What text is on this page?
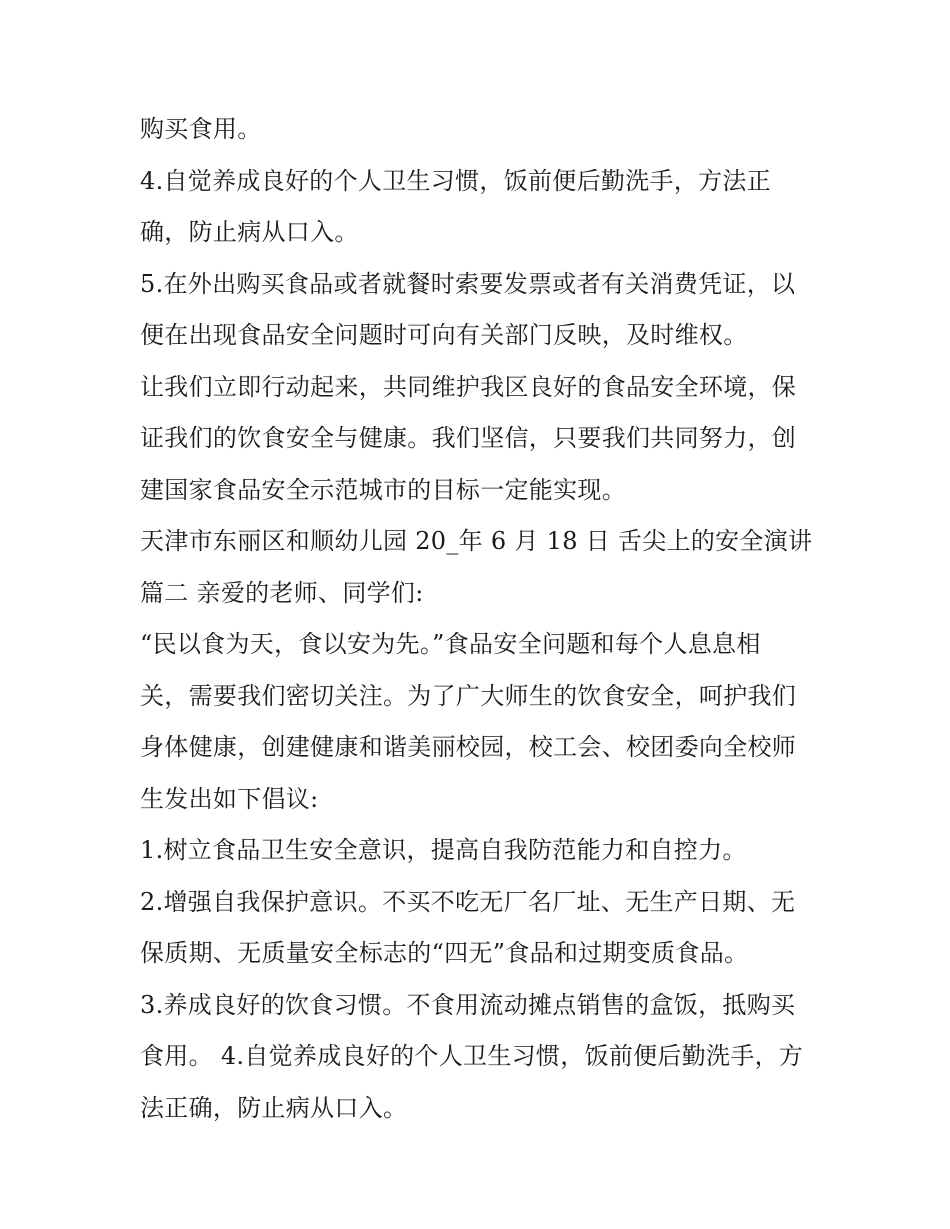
购买食用。
4.自觉养成良好的个人卫生习惯，饭前便后勤洗手，方法正
确，防止病从口入。
5.在外出购买食品或者就餐时索要发票或者有关消费凭证，以
便在出现食品安全问题时可向有关部门反映，及时维权。
让我们立即行动起来，共同维护我区良好的食品安全环境，保
证我们的饮食安全与健康。我们坚信，只要我们共同努力，创
建国家食品安全示范城市的目标一定能实现。
天津市东丽区和顺幼儿园 20_年 6 月 18 日 舌尖上的安全演讲
篇二 亲爱的老师、同学们:
“民以食为天，食以安为先。”食品安全问题和每个人息息相
关，需要我们密切关注。为了广大师生的饮食安全，呵护我们
身体健康，创建健康和谐美丽校园，校工会、校团委向全校师
生发出如下倡议:
1.树立食品卫生安全意识，提高自我防范能力和自控力。
2.增强自我保护意识。不买不吃无厂名厂址、无生产日期、无
保质期、无质量安全标志的“四无”食品和过期变质食品。
3.养成良好的饮食习惯。不食用流动摊点销售的盒饭，抵购买
食用。 4.自觉养成良好的个人卫生习惯，饭前便后勤洗手，方
法正确，防止病从口入。
